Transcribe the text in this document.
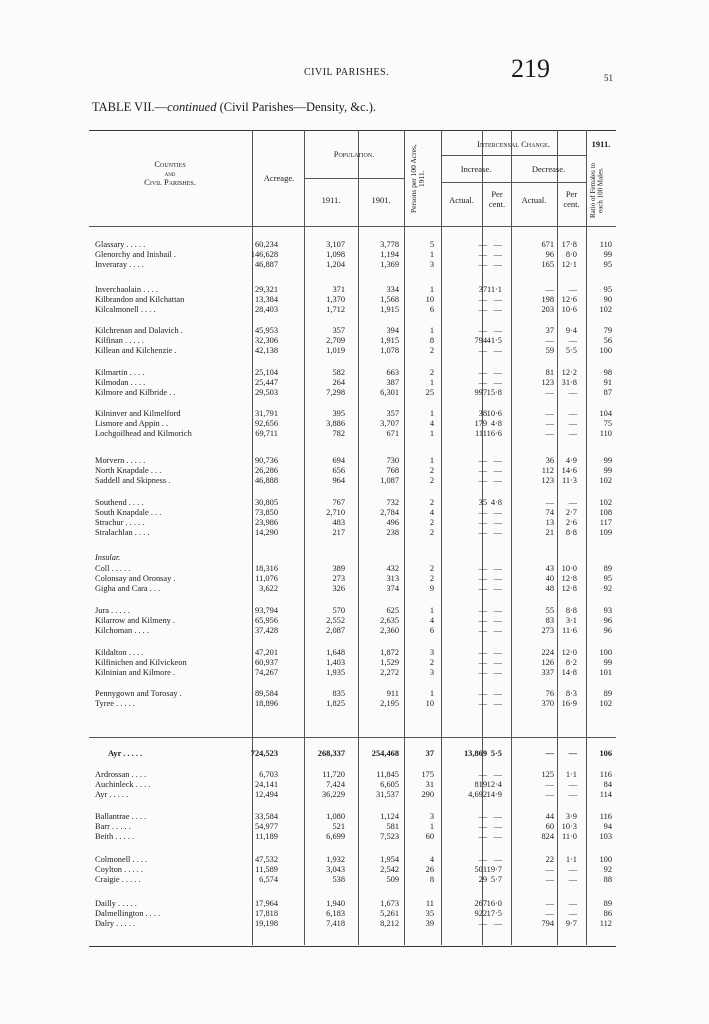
CIVIL PARISHES.	219	51
TABLE VII.—continued (Civil Parishes—Density, &c.).
Counties
and
Civil Parishes.	Acreage.
Population.
1911.	1901.	Persons per 100 Acres, 1911.
Intercensal Change.
Increase.	Decrease.
Actual.
Per cent.	Actual.
Per cent.
1911.
Ratio of Females to each 100 Males.
Insular.
Glassary . . . . .	60,234	3,107	3,778	5	— —	671 17·8	110
Glenorchy and Inishail .	146,628	1,098	1,194	1	— —	96 8·0	99
Inveraray . . . .	46,887	1,204	1,369	3	— —	165 12·1	95
Inverchaolain . . . .	29,321	371	334	1	37 11·1	— —	95
Kilbrandon and Kilchattan	13,384	1,370	1,568	10	— —	198 12·6	90
Kilcalmonell . . . .	28,403	1,712	1,915	6	— —	203 10·6	102
Kilchrenan and Dalavich .	45,953	357	394	1	— —	37 9·4	79
Kilfinan . . . . .	32,306	2,709	1,915	8	794 41·5	— —	56
Killean and Kilchenzie .	42,138	1,019	1,078	2	— —	59 5·5	100
Kilmartin . . . .	25,104	582	663	2	— —	81 12·2	98
Kilmodan . . . .	25,447	264	387	1	— —	123 31·8	91
Kilmore and Kilbride . .	29,503	7,298	6,301	25	997 15·8	— —	87
Kilninver and Kilmelford	31,791	395	357	1	38 10·6	— —	104
Lismore and Appin . .	92,656	3,886	3,707	4	179 4·8	— —	75
Lochgoilhead and Kilmorich	69,711	782	671	1	111 16·6	— —	110
Morvern . . . . .	90,736	694	730	1	— —	36 4·9	99
North Knapdale . . .	26,286	656	768	2	— —	112 14·6	99
Saddell and Skipness .	46,888	964	1,087	2	— —	123 11·3	102
Southend . . . .	30,805	767	732	2	35 4·8	— —	102
South Knapdale . . .	73,850	2,710	2,784	4	— —	74 2·7	108
Strachur . . . . .	23,986	483	496	2	— —	13 2·6	117
Stralachlan . . . .	14,290	217	238	2	— —	21 8·8	109
Coll . . . . .	18,316	389	432	2	— —	43 10·0	89
Colonsay and Oronsay .	11,076	273	313	2	— —	40 12·8	95
Gigha and Cara . . .	3,622	326	374	9	— —	48 12·8	92
Jura . . . . .	93,794	570	625	1	— —	55 8·8	93
Kilarrow and Kilmeny .	65,956	2,552	2,635	4	— —	83 3·1	96
Kilchoman . . . .	37,428	2,087	2,360	6	— —	273 11·6	96
Kildalton . . . .	47,201	1,648	1,872	3	— —	224 12·0	100
Kilfinichen and Kilvickeon	60,937	1,403	1,529	2	— —	126 8·2	99
Kilninian and Kilmore .	74,267	1,935	2,272	3	— —	337 14·8	101
Pennygown and Torosay .	89,584	835	911	1	— —	76 8·3	89
Tyree . . . . .	18,896	1,825	2,195	10	— —	370 16·9	102
Ayr . . . . .	724,523	268,337	254,468	37	13,869 5·5	— —	106
Ardrossan . . . .	6,703	11,720	11,845	175	— —	125 1·1	116
Auchinleck . . . .	24,141	7,424	6,605	31	819 12·4	— —	84
Ayr . . . . .	12,494	36,229	31,537	290	4,692 14·9	— —	114
Ballantrae . . . .	33,584	1,080	1,124	3	— —	44 3·9	116
Barr . . . . .	54,977	521	581	1	— —	60 10·3	94
Beith . . . . .	11,189	6,699	7,523	60	— —	824 11·0	103
Colmonell . . . .	47,532	1,932	1,954	4	— —	22 1·1	100
Coylton . . . . .	11,589	3,043	2,542	26	501 19·7	— —	92
Craigie . . . . .	6,574	538	509	8	29 5·7	— —	88
Dailly . . . . .	17,964	1,940	1,673	11	267 16·0	— —	89
Dalmellington . . . .	17,818	6,183	5,261	35	922 17·5	— —	86
Dalry . . . . .	19,198	7,418	8,212	39	— —	794 9·7	112
